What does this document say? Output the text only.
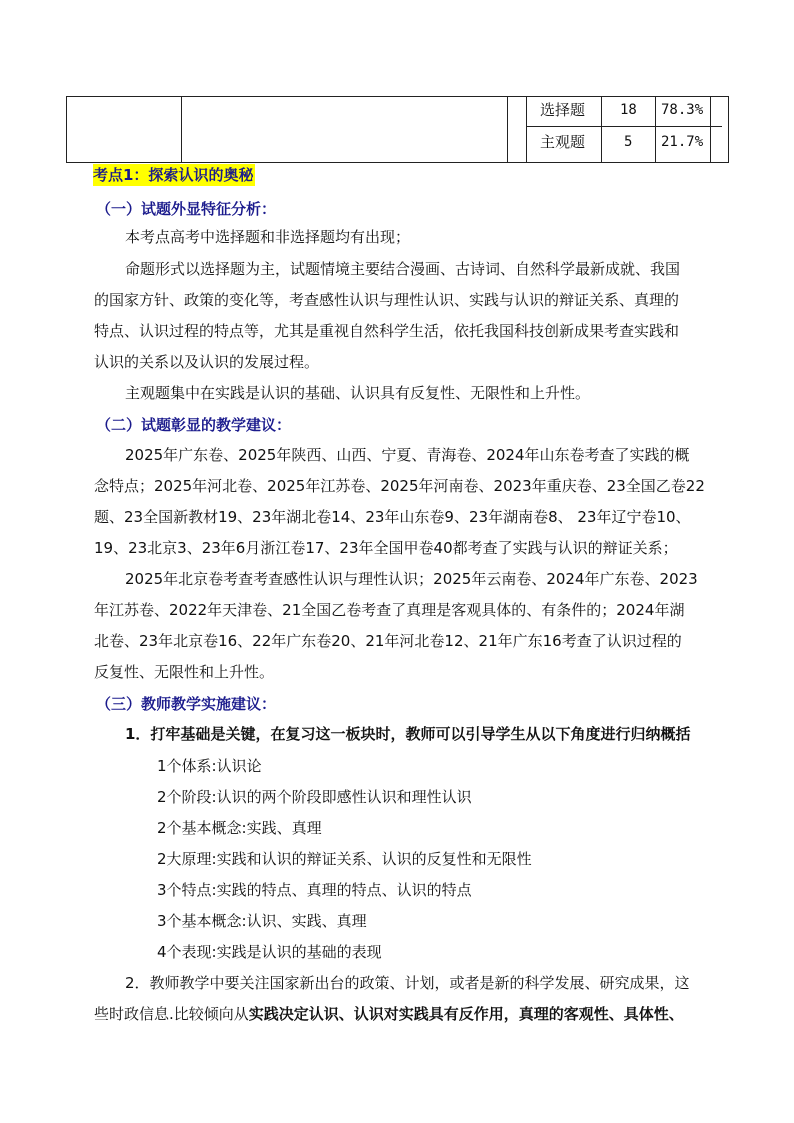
选择题 18 78.3%
主观题	5 21.7%
考点1：探索认识的奥秘
（一）试题外显特征分析：
本考点高考中选择题和非选择题均有出现；
命题形式以选择题为主，试题情境主要结合漫画、古诗词、自然科学最新成就、我国
的国家方针、政策的变化等，考查感性认识与理性认识、实践与认识的辩证关系、真理的
特点、认识过程的特点等，尤其是重视自然科学生活，依托我国科技创新成果考查实践和
认识的关系以及认识的发展过程。
主观题集中在实践是认识的基础、认识具有反复性、无限性和上升性。
（二）试题彰显的教学建议：
2025年广东卷、2025年陕西、山西、宁夏、青海卷、2024年山东卷考查了实践的概
念特点；2025年河北卷、2025年江苏卷、2025年河南卷、2023年重庆卷、23全国乙卷22
题、23全国新教材19、23年湖北卷14、23年山东卷9、23年湖南卷8、 23年辽宁卷10、
19、23北京3、23年6月浙江卷17、23年全国甲卷40都考查了实践与认识的辩证关系；
2025年北京卷考查考查感性认识与理性认识；2025年云南卷、2024年广东卷、2023
年江苏卷、2022年天津卷、21全国乙卷考查了真理是客观具体的、有条件的；2024年湖
北卷、23年北京卷16、22年广东卷20、21年河北卷12、21年广东16考查了认识过程的
反复性、无限性和上升性。
（三）教师教学实施建议：
1．打牢基础是关键，在复习这一板块时，教师可以引导学生从以下角度进行归纳概括
1个体系:认识论
2个阶段:认识的两个阶段即感性认识和理性认识
2个基本概念:实践、真理
2大原理:实践和认识的辩证关系、认识的反复性和无限性
3个特点:实践的特点、真理的特点、认识的特点
3个基本概念:认识、实践、真理
4个表现:实践是认识的基础的表现
2．教师教学中要关注国家新出台的政策、计划，或者是新的科学发展、研究成果，这
些时政信息.比较倾向从实践决定认识、认识对实践具有反作用，真理的客观性、具体性、
